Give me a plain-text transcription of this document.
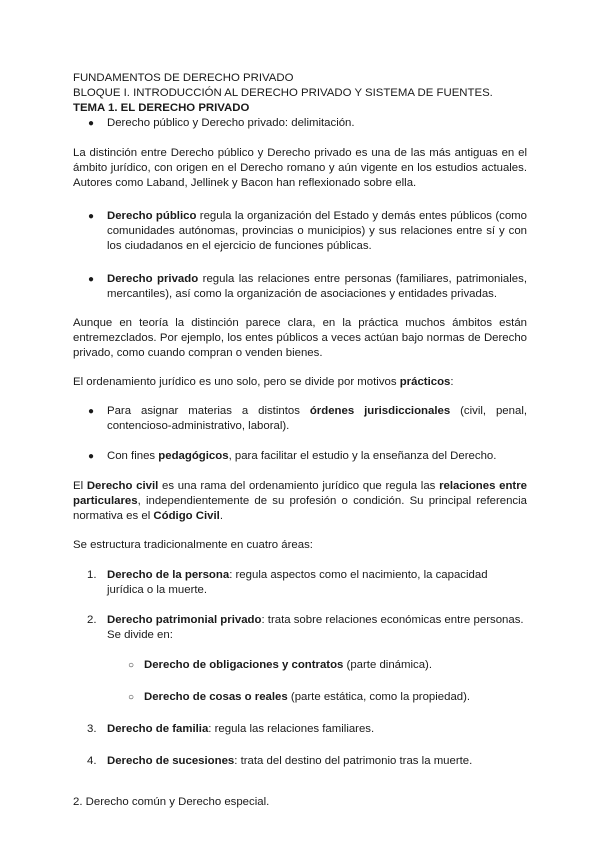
FUNDAMENTOS DE DERECHO PRIVADO

BLOQUE I. INTRODUCCIÓN AL DERECHO PRIVADO Y SISTEMA DE FUENTES.

TEMA 1. EL DERECHO PRIVADO

● Derecho público y Derecho privado: delimitación.

La distinción entre Derecho público y Derecho privado es una de las más antiguas en el ámbito jurídico, con origen en el Derecho romano y aún vigente en los estudios actuales. Autores como Laband, Jellinek y Bacon han reflexionado sobre ella.

● Derecho público regula la organización del Estado y demás entes públicos (como comunidades autónomas, provincias o municipios) y sus relaciones entre sí y con los ciudadanos en el ejercicio de funciones públicas.
● Derecho privado regula las relaciones entre personas (familiares, patrimoniales, mercantiles), así como la organización de asociaciones y entidades privadas.

Aunque en teoría la distinción parece clara, en la práctica muchos ámbitos están entremezclados. Por ejemplo, los entes públicos a veces actúan bajo normas de Derecho privado, como cuando compran o venden bienes.

El ordenamiento jurídico es uno solo, pero se divide por motivos prácticos:

● Para asignar materias a distintos órdenes jurisdiccionales (civil, penal, contencioso-administrativo, laboral).
● Con fines pedagógicos, para facilitar el estudio y la enseñanza del Derecho.

El Derecho civil es una rama del ordenamiento jurídico que regula las relaciones entre particulares, independientemente de su profesión o condición. Su principal referencia normativa es el Código Civil.

Se estructura tradicionalmente en cuatro áreas:

1. Derecho de la persona: regula aspectos como el nacimiento, la capacidad jurídica o la muerte.
2. Derecho patrimonial privado: trata sobre relaciones económicas entre personas. Se divide en:
○ Derecho de obligaciones y contratos (parte dinámica).
○ Derecho de cosas o reales (parte estática, como la propiedad).
3. Derecho de familia: regula las relaciones familiares.
4. Derecho de sucesiones: trata del destino del patrimonio tras la muerte.

2. Derecho común y Derecho especial.
